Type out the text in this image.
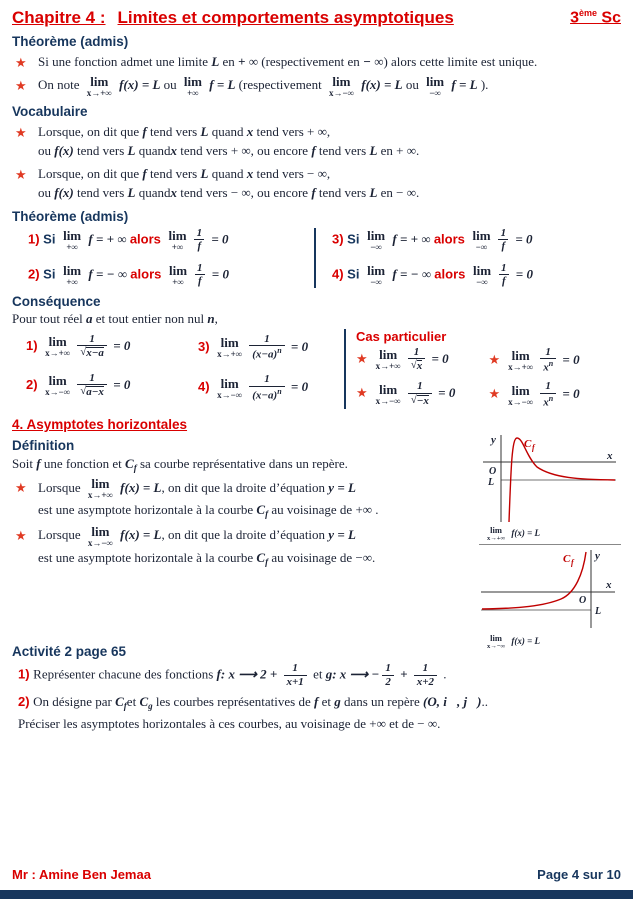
Chapitre 4 : Limites et comportements asymptotiques	3ème Sc
Théorème (admis)
★ Si une fonction admet une limite L en + ∞ (respectivement en − ∞) alors cette limite est unique.
★ On note lim
x→+∞
f(x) = L ou lim
+∞
f = L (respectivement lim
x→−∞
f(x) = L ou lim
−∞
f = L ).
Vocabulaire
★ Lorsque, on dit que f tend vers L quand x tend vers + ∞,
ou f(x) tend vers L quandx tend vers + ∞, ou encore f tend vers L en + ∞.
★ Lorsque, on dit que f tend vers L quand x tend vers − ∞,
ou f(x) tend vers L quandx tend vers − ∞, ou encore f tend vers L en − ∞.
Théorème (admis)
1) Si lim
+∞
f = + ∞ alors lim
+∞ $\frac{1}{f} = 0$
2) Si lim
+∞
f = − ∞ alors lim
+∞ $\frac{1}{f} = 0$
3) Si lim
−∞
f = + ∞ alors lim
−∞ $\frac{1}{f} = 0$
4) Si lim
−∞
f = − ∞ alors lim
−∞ $\frac{1}{f} = 0$
Conséquence

Pour tout réel a et tout entier non nul n,

1) lim
$x\to+\infty \frac{1}{√ x-a} = 0$
2) lim
$x\to-\infty \frac{1}{√ a-x} = 0$
3) lim
$x\to+\infty \frac{1}{(x-a)^n} = 0$
4) lim
$x\to-\infty \frac{1}{(x-a)^n} = 0$
Cas particulier
★ lim
$x\to+\infty \frac{1}{√ x} = 0$	★ lim
$x\to+\infty \frac{1}{x^n} = 0$
★ lim
$x\to-\infty \frac{1}{√ -x} = 0$	★ lim
$x\to-\infty \frac{1}{x^n} = 0$
4. Asymptotes horizontales
Définition

Soit f une fonction et $C_f$ sa courbe représentative dans un repère.

★ Lorsque lim
x→+∞
f(x) = L, on dit que la droite d’équation y = L
est une asymptote horizontale à la courbe $C_f$ au voisinage de +∞ .
★ Lorsque lim
x→−∞
f(x) = L, on dit que la droite d’équation y = L
est une asymptote horizontale à la courbe $C_f$ au voisinage de −∞.
y
x
O
L
C f
lim
x→+∞ f(x) = L
y
x
O
L
C f
lim
x→−∞ f(x) = L
Activité 2 page 65
1) Représenter chacune des fonctions f: x ⟶ $2 + \frac{1}{x+1}$ et g: x ⟶ − $\frac{1}{2} + \frac{1}{x+2}$ .
2) On désigne par $C_fet$ $C_g$ les courbes représentatives de f et g dans un repère (O, i⃗, j⃗)..
Préciser les asymptotes horizontales à ces courbes, au voisinage de +∞ et de − ∞.
Mr : Amine Ben Jemaa	Page 4 sur 10
